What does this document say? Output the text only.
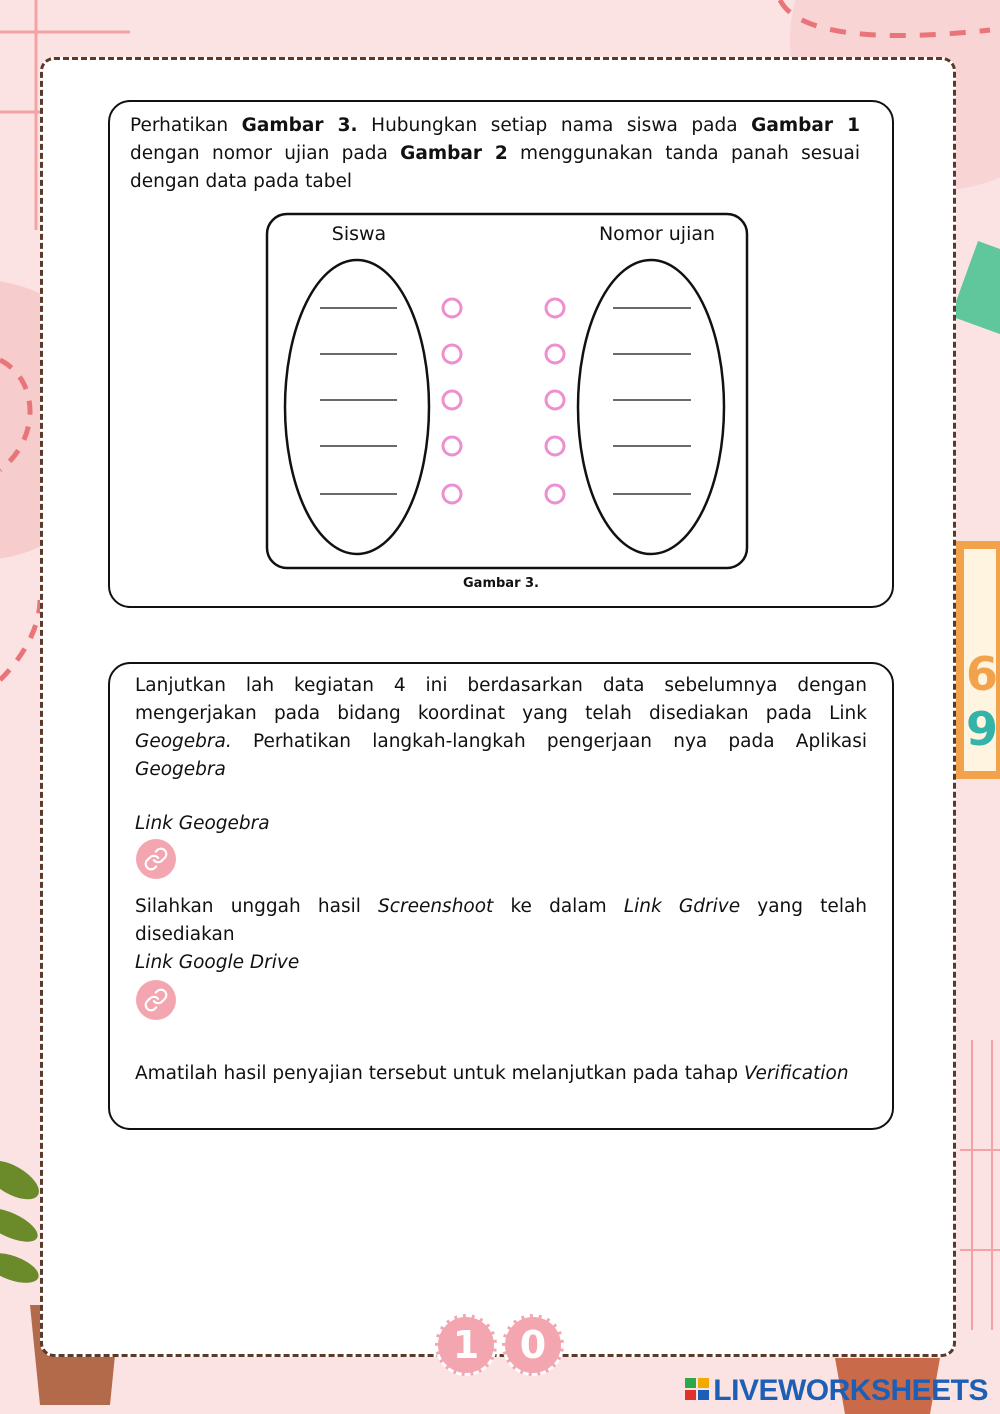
6
9

Perhatikan Gambar 3. Hubungkan setiap nama siswa pada Gambar 1 dengan nomor ujian pada Gambar 2 menggunakan tanda panah sesuai dengan data pada tabel

Siswa	Nomor ujian
Gambar 3.

Lanjutkan lah kegiatan 4 ini berdasarkan data sebelumnya dengan mengerjakan pada bidang koordinat yang telah disediakan pada Link Geogebra. Perhatikan langkah-langkah pengerjaan nya pada Aplikasi Geogebra

Link Geogebra

Silahkan unggah hasil Screenshoot ke dalam Link Gdrive yang telah disediakan

Link Google Drive

Amatilah hasil penyajian tersebut untuk melanjutkan pada tahap Verification

1	0
LIVEWORKSHEETS
